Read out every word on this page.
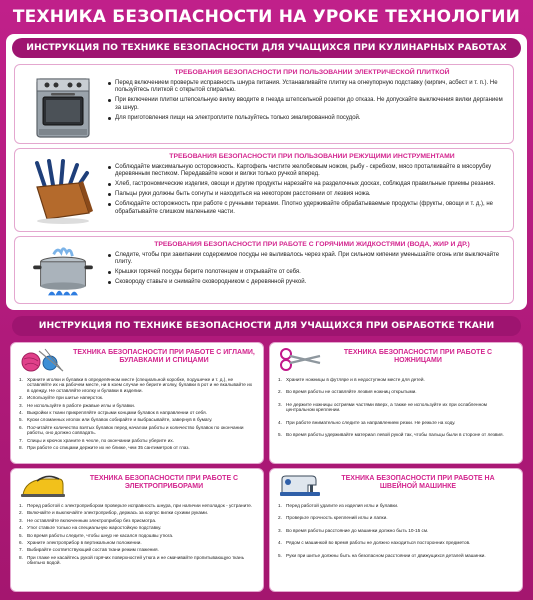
ТЕХНИКА БЕЗОПАСНОСТИ НА УРОКЕ ТЕХНОЛОГИИ
ИНСТРУКЦИЯ ПО ТЕХНИКЕ БЕЗОПАСНОСТИ ДЛЯ УЧАЩИХСЯ ПРИ КУЛИНАРНЫХ РАБОТАХ
ТРЕБОВАНИЯ БЕЗОПАСНОСТИ ПРИ ПОЛЬЗОВАНИИ ЭЛЕКТРИЧЕСКОЙ ПЛИТКОЙ
Перед включением проверьте исправность шнура питания. Устанавливайте плитку на огнеупорную подставку (кирпич, асбест и т. п.). Не пользуйтесь плиткой с открытой спиралью.
При включении плитки штепсельную вилку вводите в гнезда штепсельной розетки до отказа. Не допускайте выключения вилки дерганием за шнур.
Для приготовления пищи на электроплите пользуйтесь только эмалированной посудой.
ТРЕБОВАНИЯ БЕЗОПАСНОСТИ ПРИ ПОЛЬЗОВАНИИ РЕЖУЩИМИ ИНСТРУМЕНТАМИ
Соблюдайте максимальную осторожность. Картофель чистите желобковым ножом, рыбу - скребком, мясо проталкивайте в мясорубку деревянным пестиком. Передавайте ножи и вилки только ручкой вперед.
Хлеб, гастрономические изделия, овощи и другие продукты нарезайте на разделочных досках, соблюдая правильные приемы резания.
Пальцы руки должны быть согнуты и находиться на некотором расстоянии от лезвия ножа.
Соблюдайте осторожность при работе с ручными терками. Плотно удерживайте обрабатываемые продукты (фрукты, овощи и т. д.), не обрабатывайте слишком маленькие части.
ТРЕБОВАНИЯ БЕЗОПАСНОСТИ ПРИ РАБОТЕ С ГОРЯЧИМИ ЖИДКОСТЯМИ (ВОДА, ЖИР И ДР.)
Следите, чтобы при закипании содержимое посуды не выливалось через край. При сильном кипении уменьшайте огонь или выключайте плиту.
Крышки горячей посуды берите полотенцем и открывайте от себя.
Сковороду ставьте и снимайте сковородником с деревянной ручкой.
ИНСТРУКЦИЯ ПО ТЕХНИКЕ БЕЗОПАСНОСТИ ДЛЯ УЧАЩИХСЯ ПРИ ОБРАБОТКЕ ТКАНИ
ТЕХНИКА БЕЗОПАСНОСТИ ПРИ РАБОТЕ С ИГЛАМИ, БУЛАВКАМИ И СПИЦАМИ
1. Храните иголки и булавки в определённом месте (специальной коробке, подушечке и т. д.), не оставляйте их на рабочем месте, ни в коем случае не берите иголку, булавки в рот и не вкалывайте их в одежду. Не оставляйте иголку и булавки в изделии.
2. Используйте при шитье наперсток.
3. Не используйте в работе ржавые иглы и булавки.
4. Выкройки к ткани прикрепляйте острыми концами булавок в направлении от себя.
5. Куски сломанных иголок или булавок собирайте и выбрасывайте, завернув в бумагу.
6. Посчитайте количество взятых булавок перед началом работы и количество булавок по окончании работы, оно должно совпадать.
7. Спицы и крючок храните в чехле, по окончании работы уберите их.
8. При работе со спицами держите их не ближе, чем 35 сантиметров от глаз.
ТЕХНИКА БЕЗОПАСНОСТИ ПРИ РАБОТЕ С НОЖНИЦАМИ
1. Храните ножницы в футляре и в недоступном месте для детей.
2. Во время работы не оставляйте лезвия ножниц открытыми.
3. Не держите ножницы остриями частями вверх, а также не используйте их при ослабленном центральном креплении.
4. При работе внимательно следите за направлением резки. Не режьте на ходу.
5. Во время работы удерживайте материал левой рукой так, чтобы пальцы были в стороне от лезвия.
ТЕХНИКА БЕЗОПАСНОСТИ ПРИ РАБОТЕ С ЭЛЕКТРОПРИБОРАМИ
1. Перед работой с электроприбором проверьте исправность шнура, при наличии неполадок - устраните.
2. Включайте и выключайте электроприбор, держась за корпус вилки сухими руками.
3. Не оставляйте включенным электроприбор без присмотра.
4. Утюг ставьте только на специальную жаростойкую подставку.
5. Во время работы следите, чтобы шнур не касался подошвы утюга.
6. Храните электроприбор в вертикальном положении.
7. Выбирайте соответствующий состав ткани режим глажения.
8. При глаже не касайтесь рукой горячих поверхностей утюга и не смачивайте пропитывающую ткань обильно водой.
ТЕХНИКА БЕЗОПАСНОСТИ ПРИ РАБОТЕ НА ШВЕЙНОЙ МАШИНКЕ
1. Перед работой удалите из изделия иглы и булавки.
2. Проверьте прочность креплений иглы и лапки.
3. Во время работы расстояние до машинки должно быть 10-15 см.
4. Рядом с машинкой во время работы не должно находиться посторонних предметов.
5. Руки при шитье должны быть на безопасном расстоянии от движущихся деталей машинки.
